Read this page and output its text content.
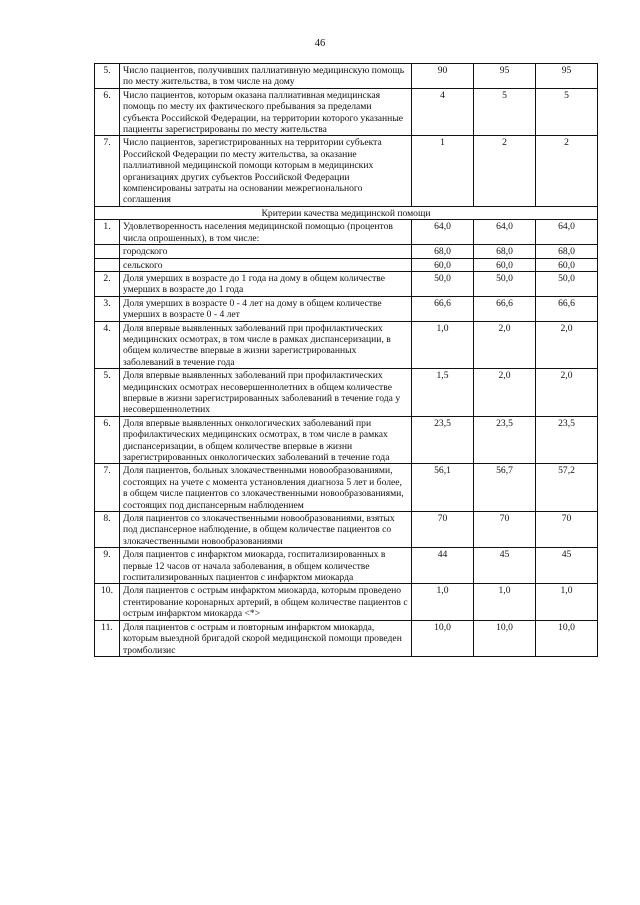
46
5.	Число пациентов, получивших паллиативную медицинскую помощь по месту жительства, в том числе на дому	90	95	95
6.	Число пациентов, которым оказана паллиативная медицинская помощь по месту их фактического пребывания за пределами субъекта Российской Федерации, на территории которого указанные пациенты зарегистрированы по месту жительства	4	5	5
7.	Число пациентов, зарегистрированных на территории субъекта Российской Федерации по месту жительства, за оказание паллиативной медицинской помощи которым в медицинских организациях других субъектов Российской Федерации компенсированы затраты на основании межрегионального соглашения	1	2	2
Критерии качества медицинской помощи				
1.	Удовлетворенность населения медицинской помощью (процентов числа опрошенных), в том числе:	64,0	64,0	64,0
	городского	68,0	68,0	68,0
	сельского	60,0	60,0	60,0
2.	Доля умерших в возрасте до 1 года на дому в общем количестве умерших в возрасте до 1 года	50,0	50,0	50,0
3.	Доля умерших в возрасте 0 - 4 лет на дому в общем количестве умерших в возрасте 0 - 4 лет	66,6	66,6	66,6
4.	Доля впервые выявленных заболеваний при профилактических медицинских осмотрах, в том числе в рамках диспансеризации, в общем количестве впервые в жизни зарегистрированных заболеваний в течение года	1,0	2,0	2,0
5.	Доля впервые выявленных заболеваний при профилактических медицинских осмотрах несовершеннолетних в общем количестве впервые в жизни зарегистрированных заболеваний в течение года у несовершеннолетних	1,5	2,0	2,0
6.	Доля впервые выявленных онкологических заболеваний при профилактических медицинских осмотрах, в том числе в рамках диспансеризации, в общем количестве впервые в жизни зарегистрированных онкологических заболеваний в течение года	23,5	23,5	23,5
7.	Доля пациентов, больных злокачественными новообразованиями, состоящих на учете с момента установления диагноза 5 лет и более, в общем числе пациентов со злокачественными новообразованиями, состоящих под диспансерным наблюдением	56,1	56,7	57,2
8.	Доля пациентов со злокачественными новообразованиями, взятых под диспансерное наблюдение, в общем количестве пациентов со злокачественными новообразованиями	70	70	70
9.	Доля пациентов с инфарктом миокарда, госпитализированных в первые 12 часов от начала заболевания, в общем количестве госпитализированных пациентов с инфарктом миокарда	44	45	45
10.	Доля пациентов с острым инфарктом миокарда, которым проведено стентирование коронарных артерий, в общем количестве пациентов с острым инфарктом миокарда <*>	1,0	1,0	1,0
11.	Доля пациентов с острым и повторным инфарктом миокарда, которым выездной бригадой скорой медицинской помощи проведен тромболизис	10,0	10,0	10,0
